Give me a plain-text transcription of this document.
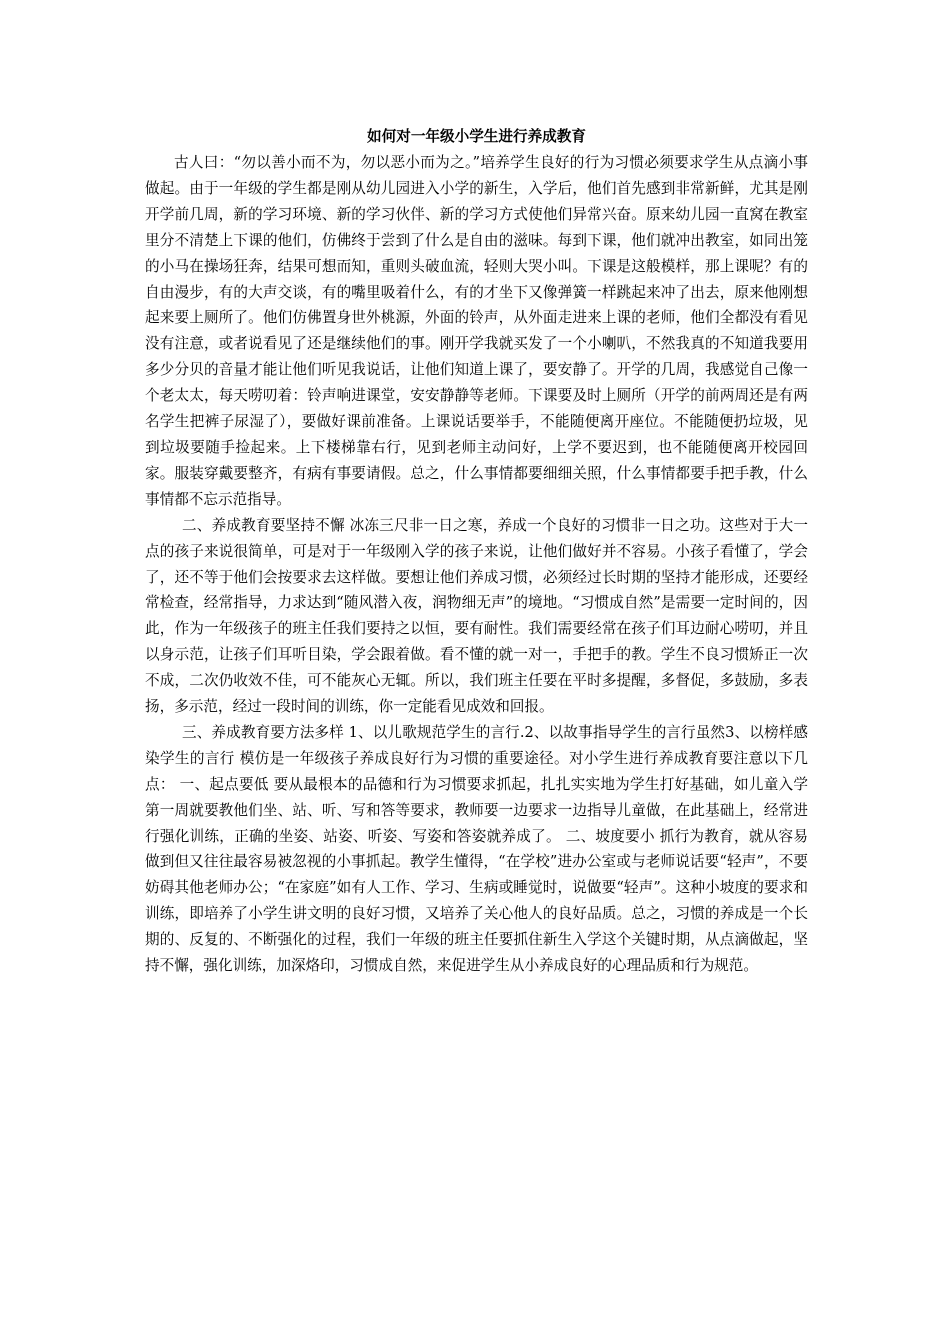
如何对一年级小学生进行养成教育

古人曰：“勿以善小而不为，勿以恶小而为之。”培养学生良好的行为习惯必须要求学生从点滴小事做起。由于一年级的学生都是刚从幼儿园进入小学的新生，入学后，他们首先感到非常新鲜，尤其是刚开学前几周，新的学习环境、新的学习伙伴、新的学习方式使他们异常兴奋。原来幼儿园一直窝在教室里分不清楚上下课的他们，仿佛终于尝到了什么是自由的滋味。每到下课，他们就冲出教室，如同出笼的小马在操场狂奔，结果可想而知，重则头破血流，轻则大哭小叫。下课是这般模样，那上课呢？有的自由漫步，有的大声交谈，有的嘴里吸着什么，有的才坐下又像弹簧一样跳起来冲了出去，原来他刚想起来要上厕所了。他们仿佛置身世外桃源，外面的铃声，从外面走进来上课的老师，他们全都没有看见没有注意，或者说看见了还是继续他们的事。刚开学我就买发了一个小喇叭，不然我真的不知道我要用多少分贝的音量才能让他们听见我说话，让他们知道上课了，要安静了。开学的几周，我感觉自己像一个老太太，每天唠叨着：铃声响进课堂，安安静静等老师。下课要及时上厕所（开学的前两周还是有两名学生把裤子尿湿了），要做好课前准备。上课说话要举手，不能随便离开座位。不能随便扔垃圾，见到垃圾要随手捡起来。上下楼梯靠右行，见到老师主动问好，上学不要迟到，也不能随便离开校园回家。服装穿戴要整齐，有病有事要请假。总之，什么事情都要细细关照，什么事情都要手把手教，什么事情都不忘示范指导。

二、养成教育要坚持不懈 冰冻三尺非一日之寒，养成一个良好的习惯非一日之功。这些对于大一点的孩子来说很简单，可是对于一年级刚入学的孩子来说，让他们做好并不容易。小孩子看懂了，学会了，还不等于他们会按要求去这样做。要想让他们养成习惯，必须经过长时期的坚持才能形成，还要经常检查，经常指导，力求达到“随风潜入夜，润物细无声”的境地。“习惯成自然”是需要一定时间的，因此，作为一年级孩子的班主任我们要持之以恒，要有耐性。我们需要经常在孩子们耳边耐心唠叨，并且以身示范，让孩子们耳听目染，学会跟着做。看不懂的就一对一，手把手的教。学生不良习惯矫正一次不成，二次仍收效不佳，可不能灰心无辄。所以，我们班主任要在平时多提醒，多督促，多鼓励，多表扬，多示范，经过一段时间的训练，你一定能看见成效和回报。

三、养成教育要方法多样 1、以儿歌规范学生的言行.2、以故事指导学生的言行虽然3、以榜样感染学生的言行 模仿是一年级孩子养成良好行为习惯的重要途径。对小学生进行养成教育要注意以下几点： 一、起点要低 要从最根本的品德和行为习惯要求抓起，扎扎实实地为学生打好基础，如儿童入学第一周就要教他们坐、站、听、写和答等要求，教师要一边要求一边指导儿童做，在此基础上，经常进行强化训练，正确的坐姿、站姿、听姿、写姿和答姿就养成了。 二、坡度要小 抓行为教育，就从容易做到但又往往最容易被忽视的小事抓起。教学生懂得，“在学校”进办公室或与老师说话要“轻声”，不要妨碍其他老师办公；“在家庭”如有人工作、学习、生病或睡觉时，说做要“轻声”。这种小坡度的要求和训练，即培养了小学生讲文明的良好习惯，又培养了关心他人的良好品质。总之，习惯的养成是一个长期的、反复的、不断强化的过程，我们一年级的班主任要抓住新生入学这个关键时期，从点滴做起，坚持不懈，强化训练，加深烙印，习惯成自然，来促进学生从小养成良好的心理品质和行为规范。
